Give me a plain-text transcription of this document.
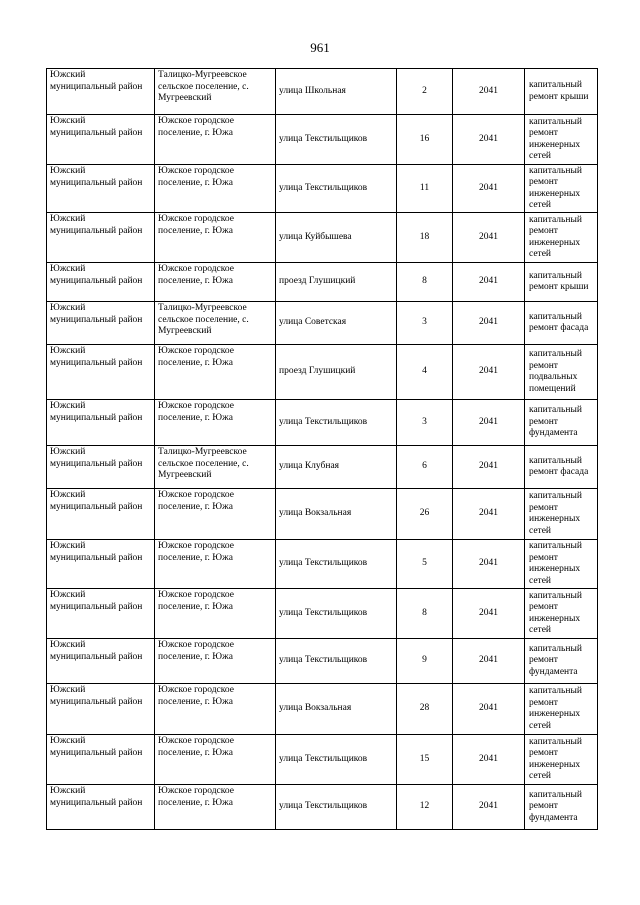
961
Южский муниципальный район	Талицко-Мугреевское сельское поселение, с. Мугреевский	улица Школьная	2	2041	капитальный ремонт крыши
Южский муниципальный район	Южское городское поселение, г. Южа	улица Текстильщиков	16	2041	капитальный ремонт инженерных сетей
Южский муниципальный район	Южское городское поселение, г. Южа	улица Текстильщиков	11	2041	капитальный ремонт инженерных сетей
Южский муниципальный район	Южское городское поселение, г. Южа	улица Куйбышева	18	2041	капитальный ремонт инженерных сетей
Южский муниципальный район	Южское городское поселение, г. Южа	проезд Глушицкий	8	2041	капитальный ремонт крыши
Южский муниципальный район	Талицко-Мугреевское сельское поселение, с. Мугреевский	улица Советская	3	2041	капитальный ремонт фасада
Южский муниципальный район	Южское городское поселение, г. Южа	проезд Глушицкий	4	2041	капитальный ремонт подвальных помещений
Южский муниципальный район	Южское городское поселение, г. Южа	улица Текстильщиков	3	2041	капитальный ремонт фундамента
Южский муниципальный район	Талицко-Мугреевское сельское поселение, с. Мугреевский	улица Клубная	6	2041	капитальный ремонт фасада
Южский муниципальный район	Южское городское поселение, г. Южа	улица Вокзальная	26	2041	капитальный ремонт инженерных сетей
Южский муниципальный район	Южское городское поселение, г. Южа	улица Текстильщиков	5	2041	капитальный ремонт инженерных сетей
Южский муниципальный район	Южское городское поселение, г. Южа	улица Текстильщиков	8	2041	капитальный ремонт инженерных сетей
Южский муниципальный район	Южское городское поселение, г. Южа	улица Текстильщиков	9	2041	капитальный ремонт фундамента
Южский муниципальный район	Южское городское поселение, г. Южа	улица Вокзальная	28	2041	капитальный ремонт инженерных сетей
Южский муниципальный район	Южское городское поселение, г. Южа	улица Текстильщиков	15	2041	капитальный ремонт инженерных сетей
Южский муниципальный район	Южское городское поселение, г. Южа	улица Текстильщиков	12	2041	капитальный ремонт фундамента
